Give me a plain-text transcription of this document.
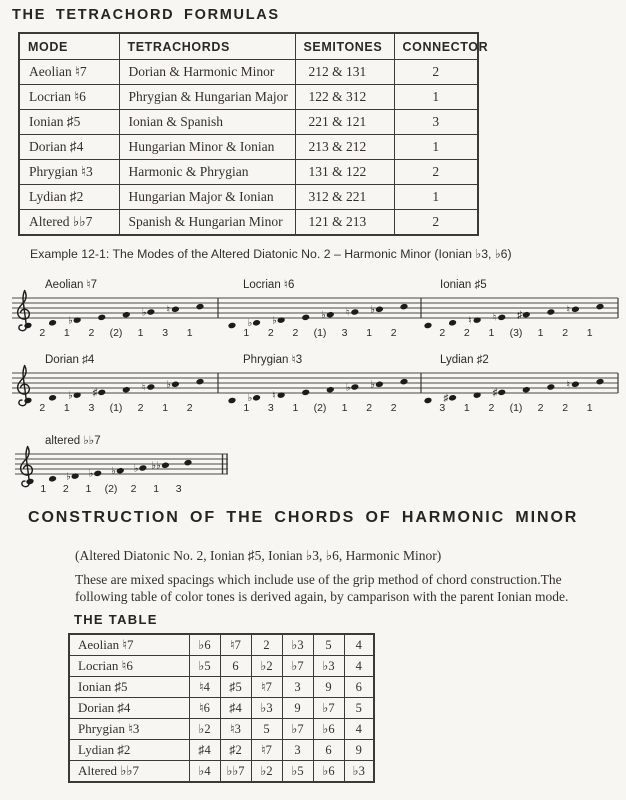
THE TETRACHORD FORMULAS
MODE	TETRACHORDS	SEMITONES	CONNECTOR
Aeolian ♮7	Dorian & Harmonic Minor	212 & 131	2
Locrian ♮6	Phrygian & Hungarian Major	122 & 312	1
Ionian ♯5	Ionian & Spanish	221 & 121	3
Dorian ♯4	Hungarian Minor & Ionian	213 & 212	1
Phrygian ♮3	Harmonic & Phrygian	131 & 122	2
Lydian ♯2	Hungarian Major & Ionian	312 & 221	1
Altered ♭♭7	Spanish & Hungarian Minor	121 & 213	2
Example 12-1: The Modes of the Altered Diatonic No. 2 – Harmonic Minor (Ionian ♭3, ♭6)
Aeolian ♮7
♭
♭ ♮
2 1 2 (2) 1 3 1
Locrian ♮6
♭ ♭	♭ ♮ ♭
1 2 2 (1) 3 1 2
Ionian ♯5
♮ ♮ ♯	♮
2 2 1 (3) 1 2 1
Dorian ♯4
♭ ♯	♮ ♭
2 1 3 (1) 2 1 2
Phrygian ♮3
♭ ♮
♭ ♭
1 3 1 (2) 1 2 2
Lydian ♯2
♯	♯
♮
3 1 2 (1) 2 2 1
altered ♭♭7
♭ ♭ ♭ ♭ ♭♭
1 2 1 (2) 2 1 3
CONSTRUCTION OF THE CHORDS OF HARMONIC MINOR
(Altered Diatonic No. 2, Ionian ♯5, Ionian ♭3, ♭6, Harmonic Minor)
These are mixed spacings which include use of the grip method of chord construction.The following table of color tones is derived again, by camparison with the parent Ionian mode.
THE TABLE
Aeolian ♮7	♭6	♮7	2	♭3	5	4
Locrian ♮6	♭5	6	♭2	♭7	♭3	4
Ionian ♯5	♮4	♯5	♮7	3	9	6
Dorian ♯4	♮6	♯4	♭3	9	♭7	5
Phrygian ♮3	♭2	♮3	5	♭7	♭6	4
Lydian ♯2	♯4	♯2	♮7	3	6	9
Altered ♭♭7	♭4	♭♭7	♭2	♭5	♭6	♭3
